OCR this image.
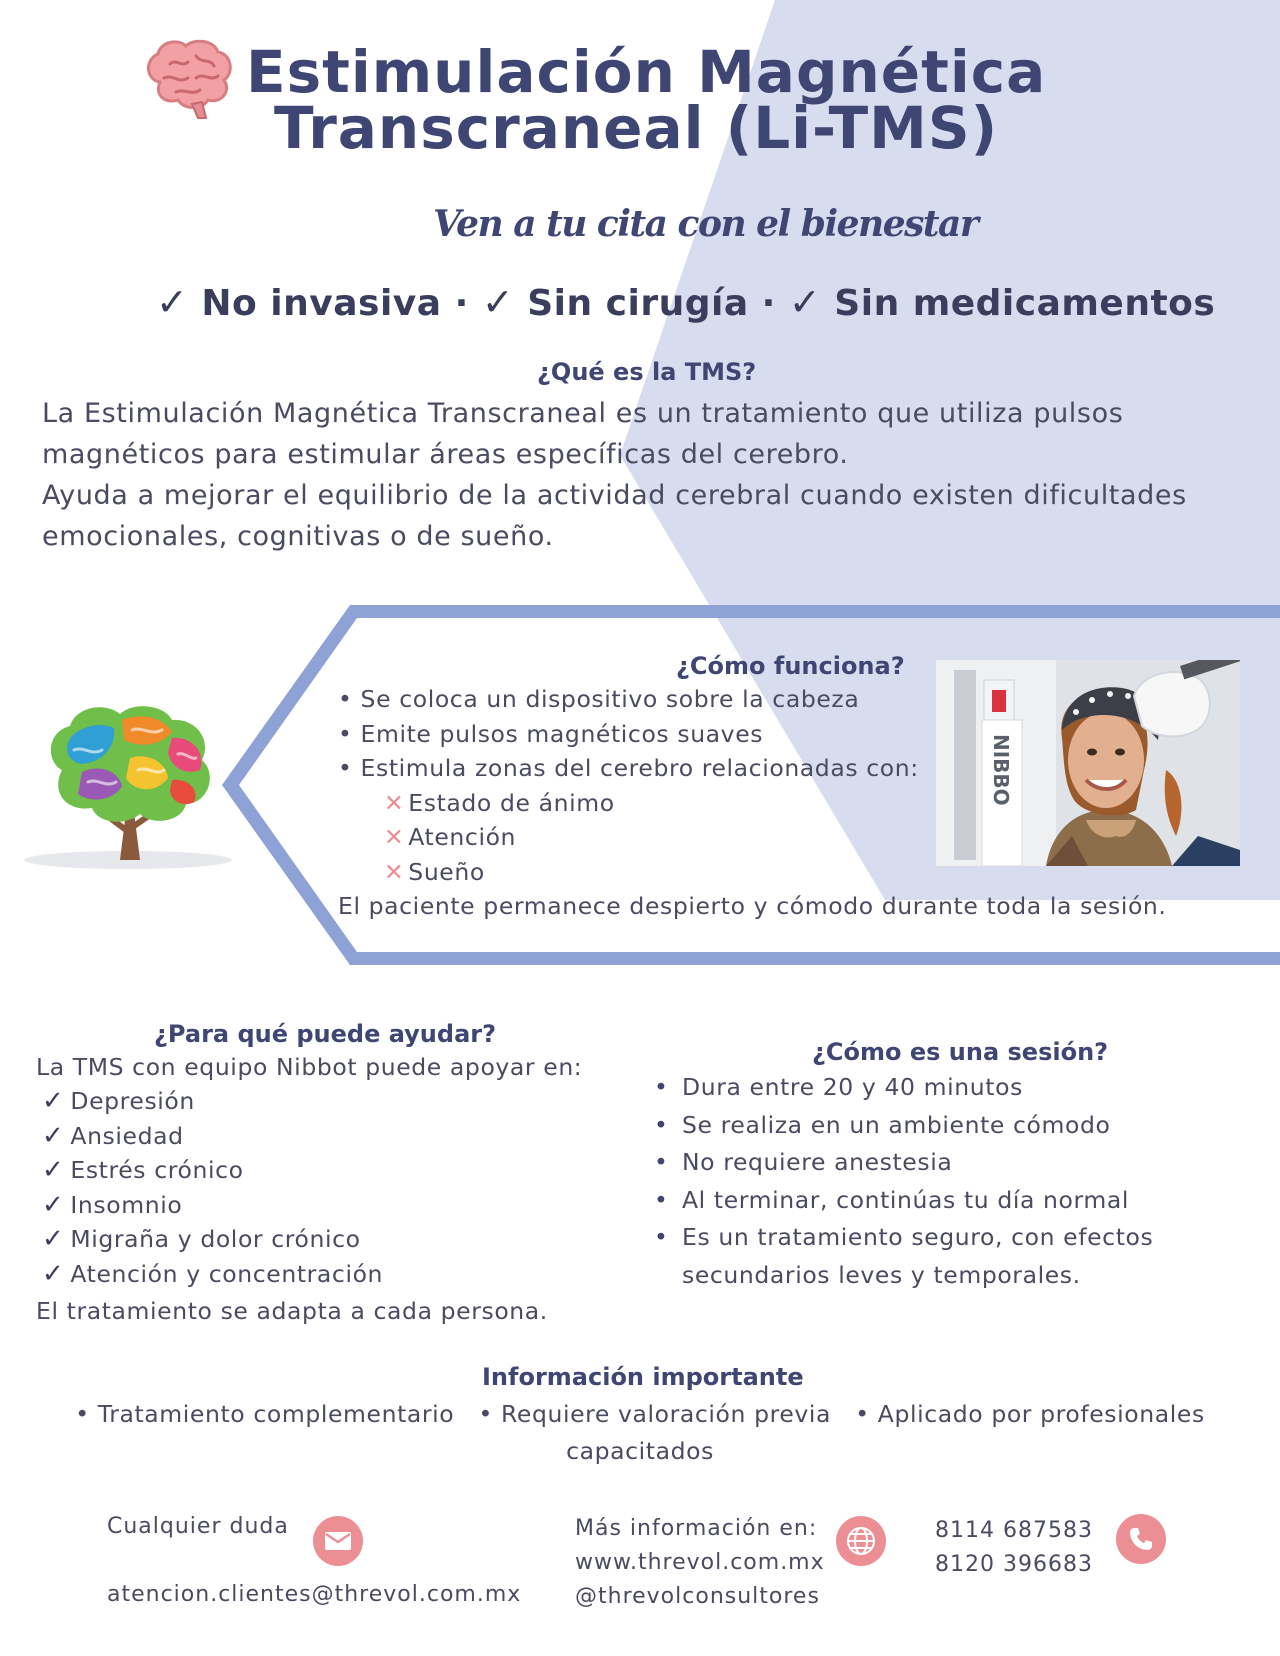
Estimulación Magnética
Transcraneal (Li-TMS)
Ven a tu cita con el bienestar
✓ No invasiva · ✓ Sin cirugía · ✓ Sin medicamentos
¿Qué es la TMS?
La Estimulación Magnética Transcraneal es un tratamiento que utiliza pulsos
magnéticos para estimular áreas específicas del cerebro.
Ayuda a mejorar el equilibrio de la actividad cerebral cuando existen dificultades
emocionales, cognitivas o de sueño.
¿Cómo funciona?
• Se coloca un dispositivo sobre la cabeza
• Emite pulsos magnéticos suaves
• Estimula zonas del cerebro relacionadas con:
✕ Estado de ánimo
✕ Atención
✕ Sueño
El paciente permanece despierto y cómodo durante toda la sesión.
NIBBO
¿Para qué puede ayudar?
La TMS con equipo Nibbot puede apoyar en:
✓ Depresión
✓ Ansiedad
✓ Estrés crónico
✓ Insomnio
✓ Migraña y dolor crónico
✓ Atención y concentración
El tratamiento se adapta a cada persona.
¿Cómo es una sesión?
• Dura entre 20 y 40 minutos
• Se realiza en un ambiente cómodo
• No requiere anestesia
• Al terminar, continúas tu día normal
• Es un tratamiento seguro, con efectos secundarios leves y temporales.
Información importante
• Tratamiento complementario   • Requiere valoración previa   • Aplicado por profesionales
capacitados
Cualquier duda
atencion.clientes@threvol.com.mx
Más información en:
www.threvol.com.mx
@threvolconsultores
8114 687583
8120 396683
